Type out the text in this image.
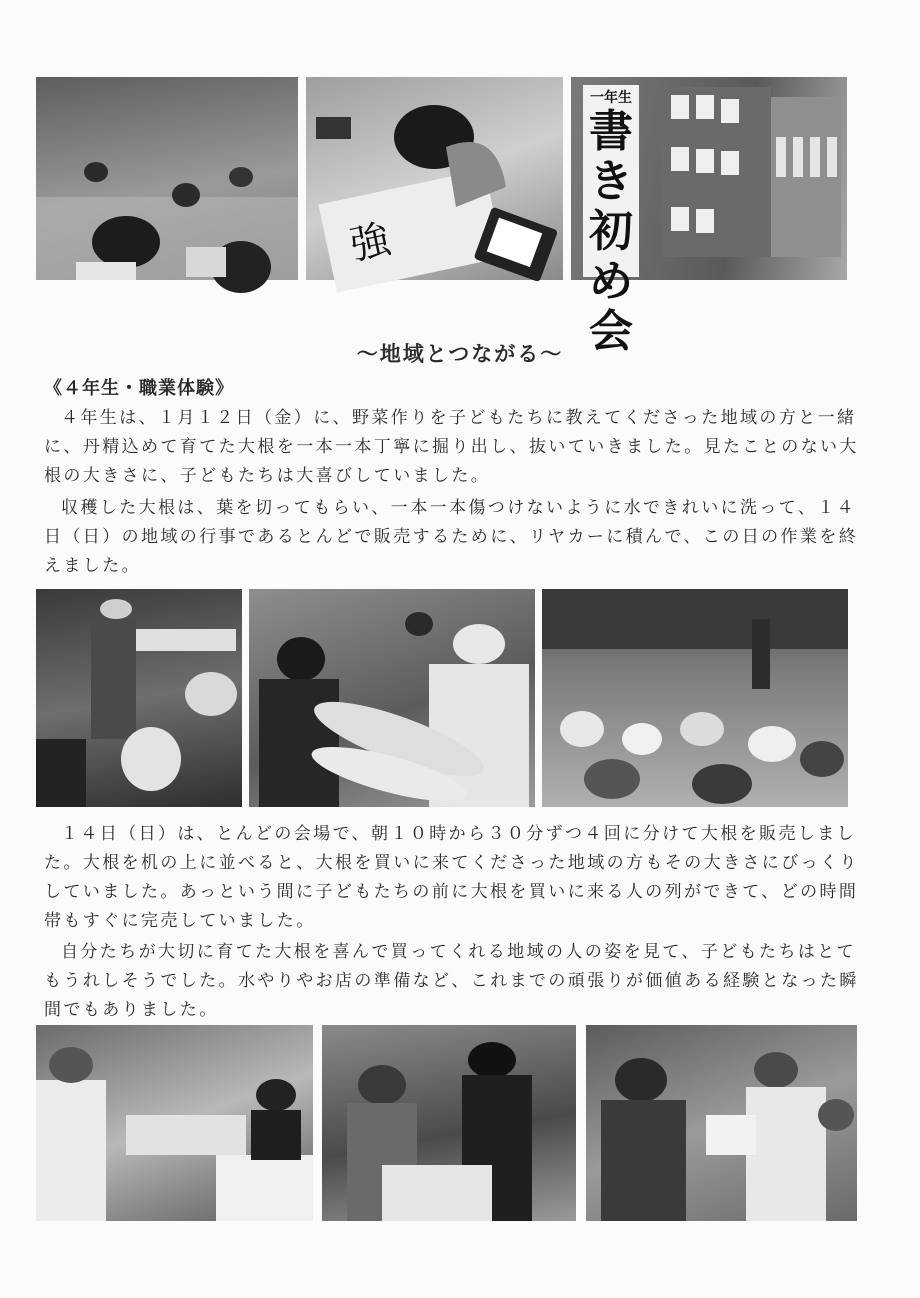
強
一年生
書き初め会
～地域とつながる～
《４年生・職業体験》

４年生は、１月１２日（金）に、野菜作りを子どもたちに教えてくださった地域の方と一緒に、丹精込めて育てた大根を一本一本丁寧に掘り出し、抜いていきました。見たことのない大根の大きさに、子どもたちは大喜びしていました。

収穫した大根は、葉を切ってもらい、一本一本傷つけないように水できれいに洗って、１４日（日）の地域の行事であるとんどで販売するために、リヤカーに積んで、この日の作業を終えました。

１４日（日）は、とんどの会場で、朝１０時から３０分ずつ４回に分けて大根を販売しました。大根を机の上に並べると、大根を買いに来てくださった地域の方もその大きさにびっくりしていました。あっという間に子どもたちの前に大根を買いに来る人の列ができて、どの時間帯もすぐに完売していました。

自分たちが大切に育てた大根を喜んで買ってくれる地域の人の姿を見て、子どもたちはとてもうれしそうでした。水やりやお店の準備など、これまでの頑張りが価値ある経験となった瞬間でもありました。
